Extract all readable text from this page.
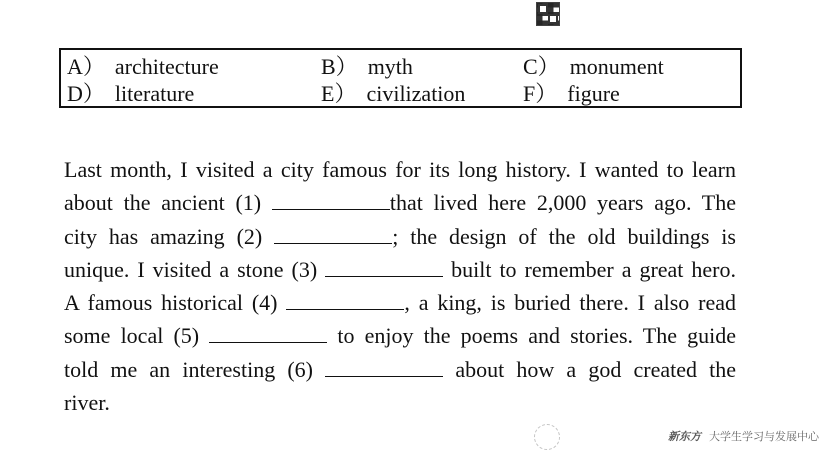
A） architecture	B） myth	C） monument
D） literature	E） civilization	F） figure
Last month, I visited a city famous for its long history. I wanted to learn
about the ancient (1)	that lived here 2,000 years ago. The
city has amazing (2)	; the design of the old buildings is
unique. I visited a stone (3)	built to remember a great hero.
A famous historical (4)	, a king, is buried there. I also read
some local (5)	to enjoy the poems and stories. The guide
told me an interesting (6)	about how a god created the
river.
新东方 大学生学习与发展中心
